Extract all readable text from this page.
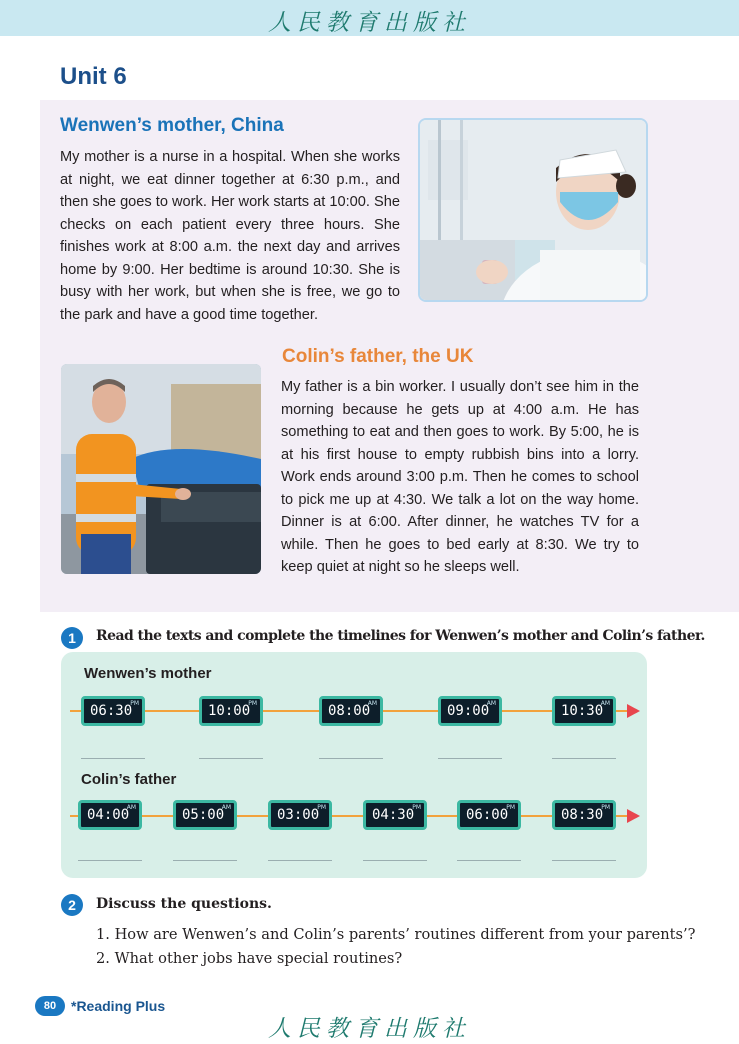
人民教育出版社
Unit 6
Wenwen’s mother, China

My mother is a nurse in a hospital. When she works at night, we eat dinner together at 6:30 p.m., and then she goes to work. Her work starts at 10:00. She checks on each patient every three hours. She finishes work at 8:00 a.m. the next day and arrives home by 9:00. Her bedtime is around 10:30. She is busy with her work, but when she is free, we go to the park and have a good time together.

Colin’s father, the UK

My father is a bin worker. I usually don’t see him in the morning because he gets up at 4:00 a.m. He has something to eat and then goes to work. By 5:00, he is at his first house to empty rubbish bins into a lorry. Work ends around 3:00 p.m. Then he comes to school to pick me up at 4:30. We talk a lot on the way home. Dinner is at 6:00. After dinner, he watches TV for a while. Then he goes to bed early at 8:30. We try to keep quiet at night so he sleeps well.

1	Read the texts and complete the timelines for Wenwen’s mother and Colin’s father.

Wenwen’s mother

06:30
PM	10:00
PM	08:00
AM	09:00
AM	10:30
AM

Colin’s father

04:00
AM	05:00
AM	03:00
PM	04:30
PM	06:00
PM	08:30
PM
2	Discuss the questions.

1. How are Wenwen’s and Colin’s parents’ routines different from your parents’?

2. What other jobs have special routines?

80	*Reading Plus

人民教育出版社
